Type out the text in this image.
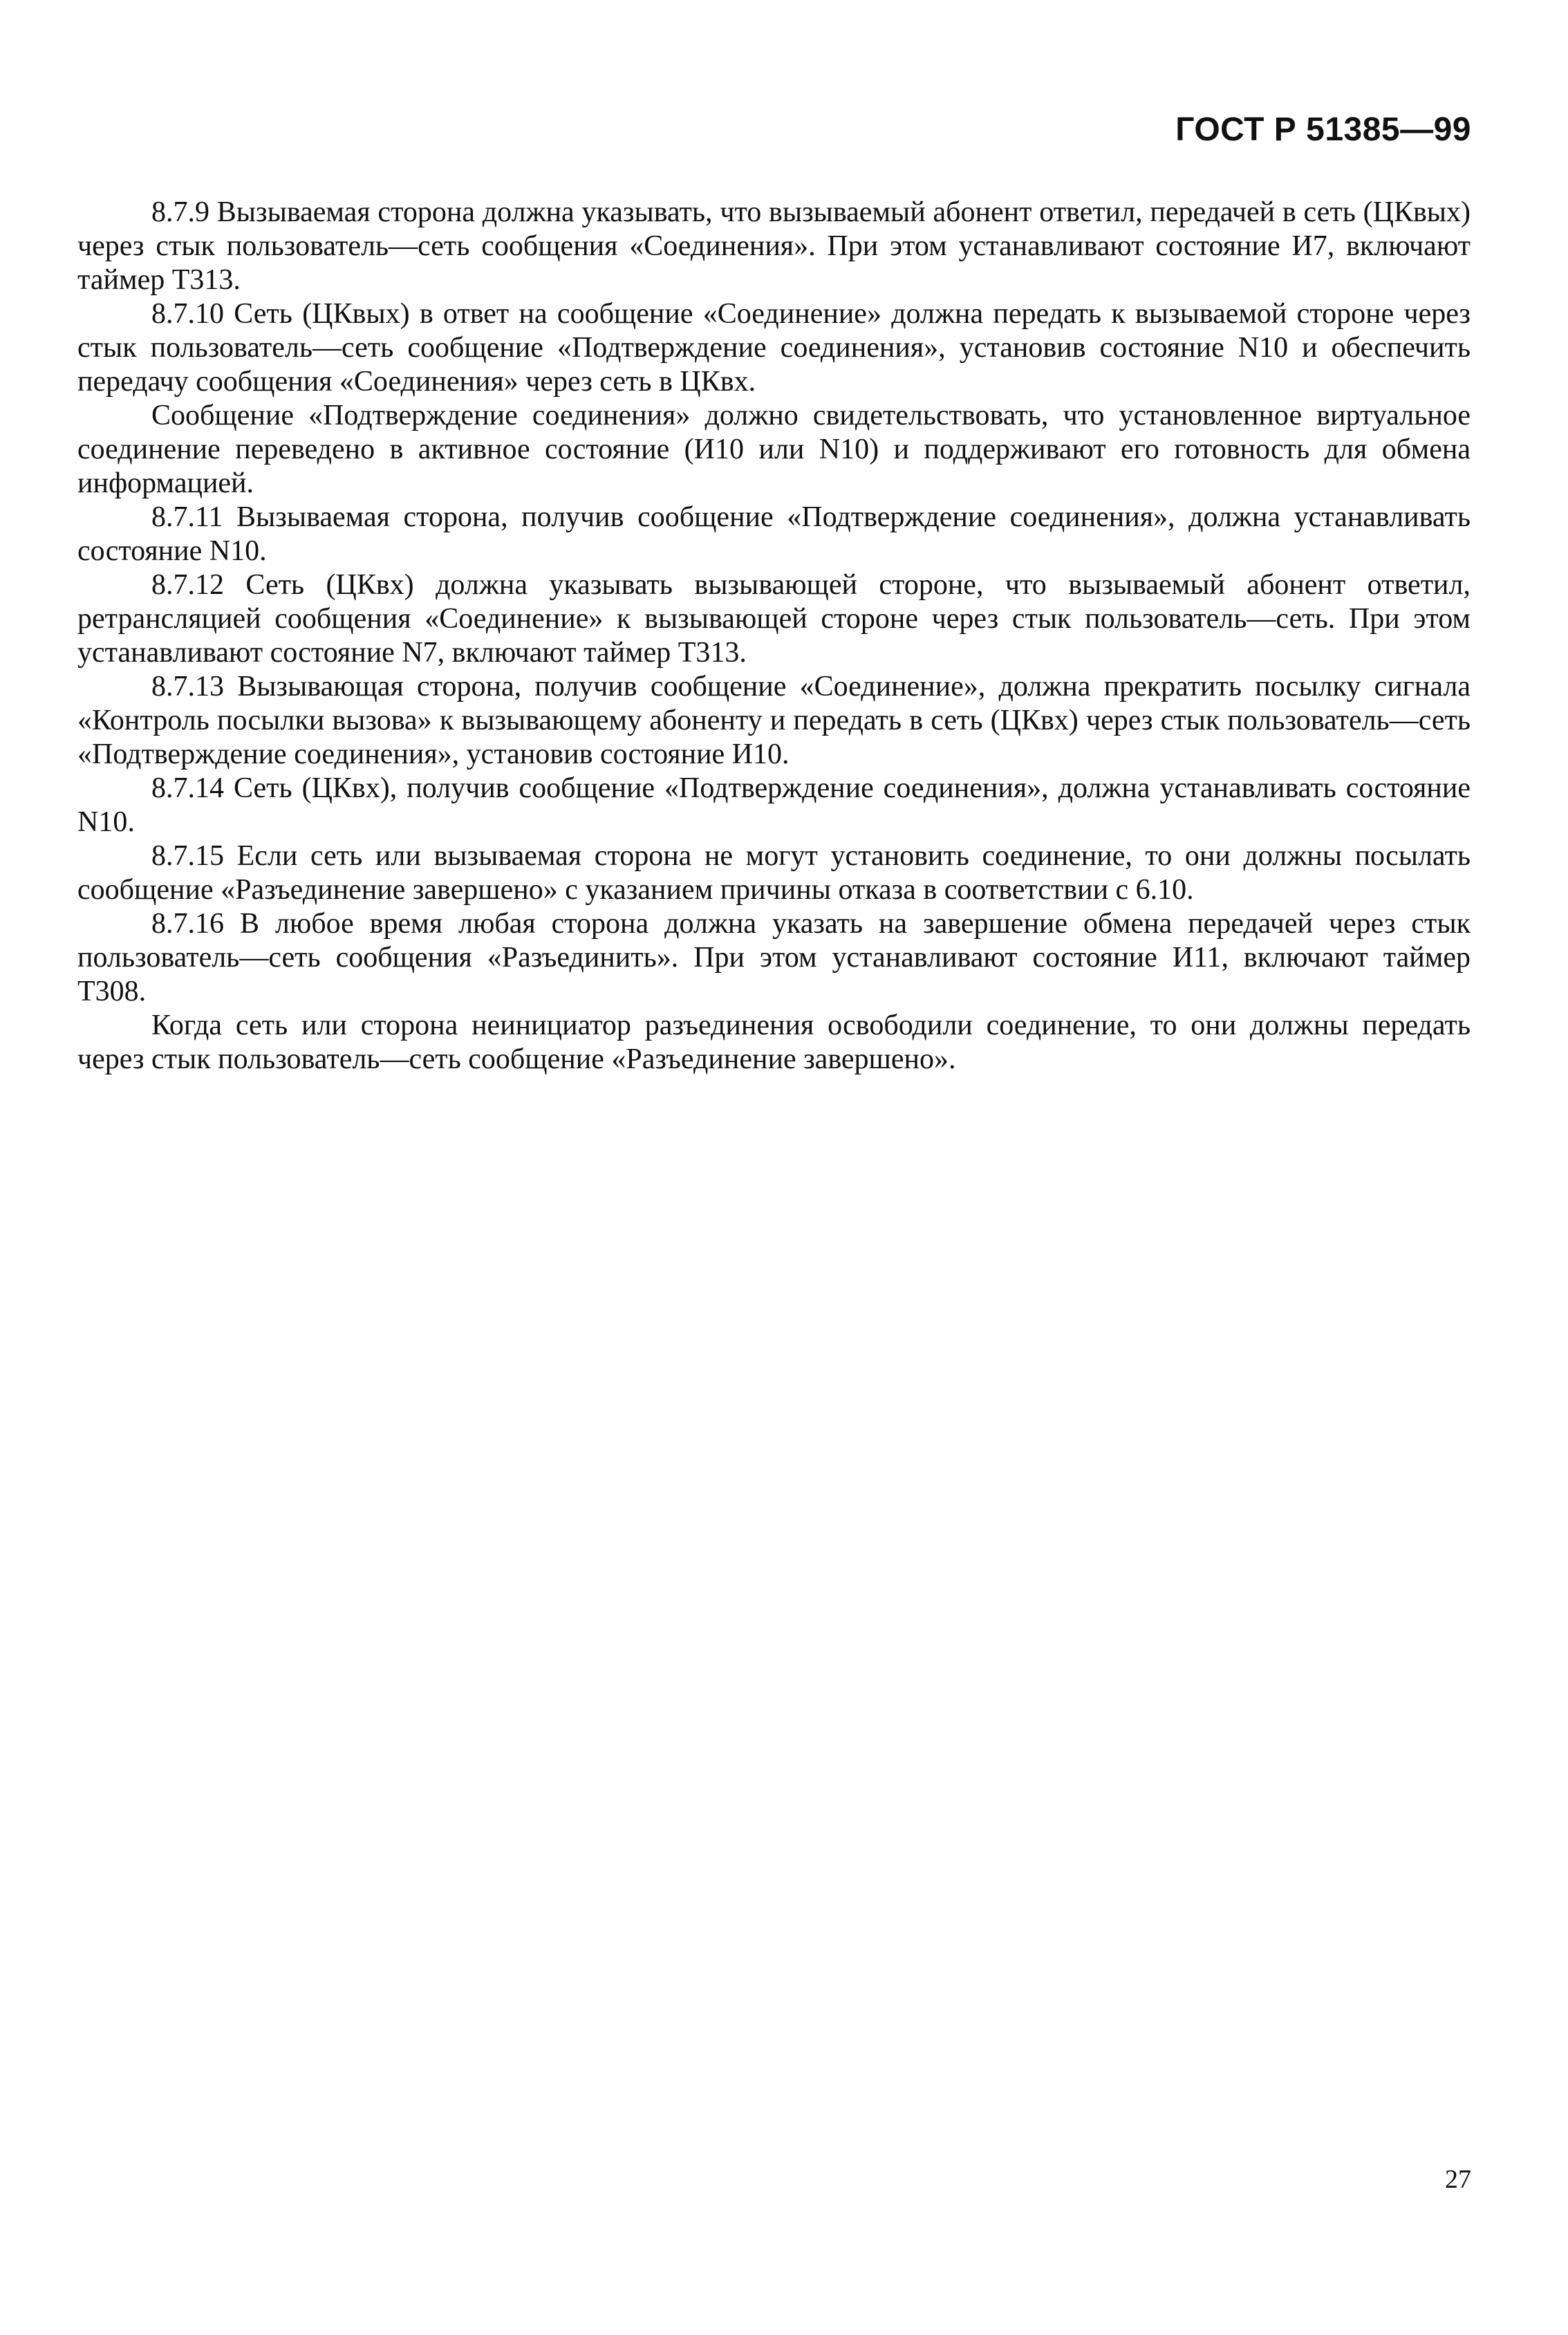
ГОСТ Р 51385—99

8.7.9 Вызываемая сторона должна указывать, что вызываемый абонент ответил, передачей в сеть (ЦКвых) через стык пользователь—сеть сообщения «Соединения». При этом устанавливают состояние И7, включают таймер Т313.

8.7.10 Сеть (ЦКвых) в ответ на сообщение «Соединение» должна передать к вызываемой стороне через стык пользователь—сеть сообщение «Подтверждение соединения», установив состояние N10 и обеспечить передачу сообщения «Соединения» через сеть в ЦКвх.

Сообщение «Подтверждение соединения» должно свидетельствовать, что установленное виртуальное соединение переведено в активное состояние (И10 или N10) и поддерживают его готовность для обмена информацией.

8.7.11 Вызываемая сторона, получив сообщение «Подтверждение соединения», должна устанавливать состояние N10.

8.7.12 Сеть (ЦКвх) должна указывать вызывающей стороне, что вызываемый абонент ответил, ретрансляцией сообщения «Соединение» к вызывающей стороне через стык пользователь—сеть. При этом устанавливают состояние N7, включают таймер Т313.

8.7.13 Вызывающая сторона, получив сообщение «Соединение», должна прекратить посылку сигнала «Контроль посылки вызова» к вызывающему абоненту и передать в сеть (ЦКвх) через стык пользователь—сеть «Подтверждение соединения», установив состояние И10.

8.7.14 Сеть (ЦКвх), получив сообщение «Подтверждение соединения», должна устанавливать состояние N10.

8.7.15 Если сеть или вызываемая сторона не могут установить соединение, то они должны посылать сообщение «Разъединение завершено» с указанием причины отказа в соответствии с 6.10.

8.7.16 В любое время любая сторона должна указать на завершение обмена передачей через стык пользователь—сеть сообщения «Разъединить». При этом устанавливают состояние И11, включают таймер Т308.

Когда сеть или сторона неинициатор разъединения освободили соединение, то они должны передать через стык пользователь—сеть сообщение «Разъединение завершено».

27
